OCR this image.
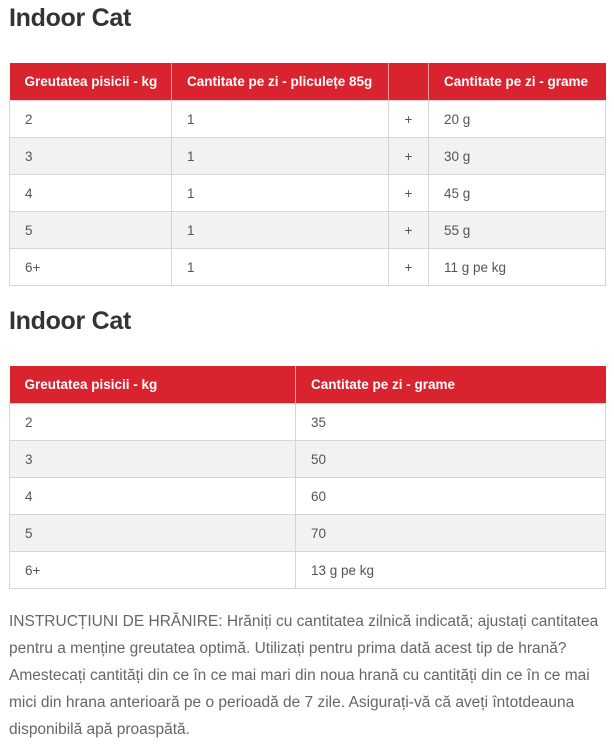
Indoor Cat
Greutatea pisicii - kg	Cantitate pe zi - pliculețe 85g		Cantitate pe zi - grame
2	1	+	20 g
3	1	+	30 g
4	1	+	45 g
5	1	+	55 g
6+	1	+	11 g pe kg
Indoor Cat
Greutatea pisicii - kg	Cantitate pe zi - grame
2	35
3	50
4	60
5	70
6+	13 g pe kg

INSTRUCȚIUNI DE HRĂNIRE: Hrăniți cu cantitatea zilnică indicată; ajustați cantitatea pentru a menține greutatea optimă. Utilizați pentru prima dată acest tip de hrană? Amestecați cantități din ce în ce mai mari din noua hrană cu cantități din ce în ce mai mici din hrana anterioară pe o perioadă de 7 zile. Asigurați-vă că aveți întotdeauna disponibilă apă proaspătă.
